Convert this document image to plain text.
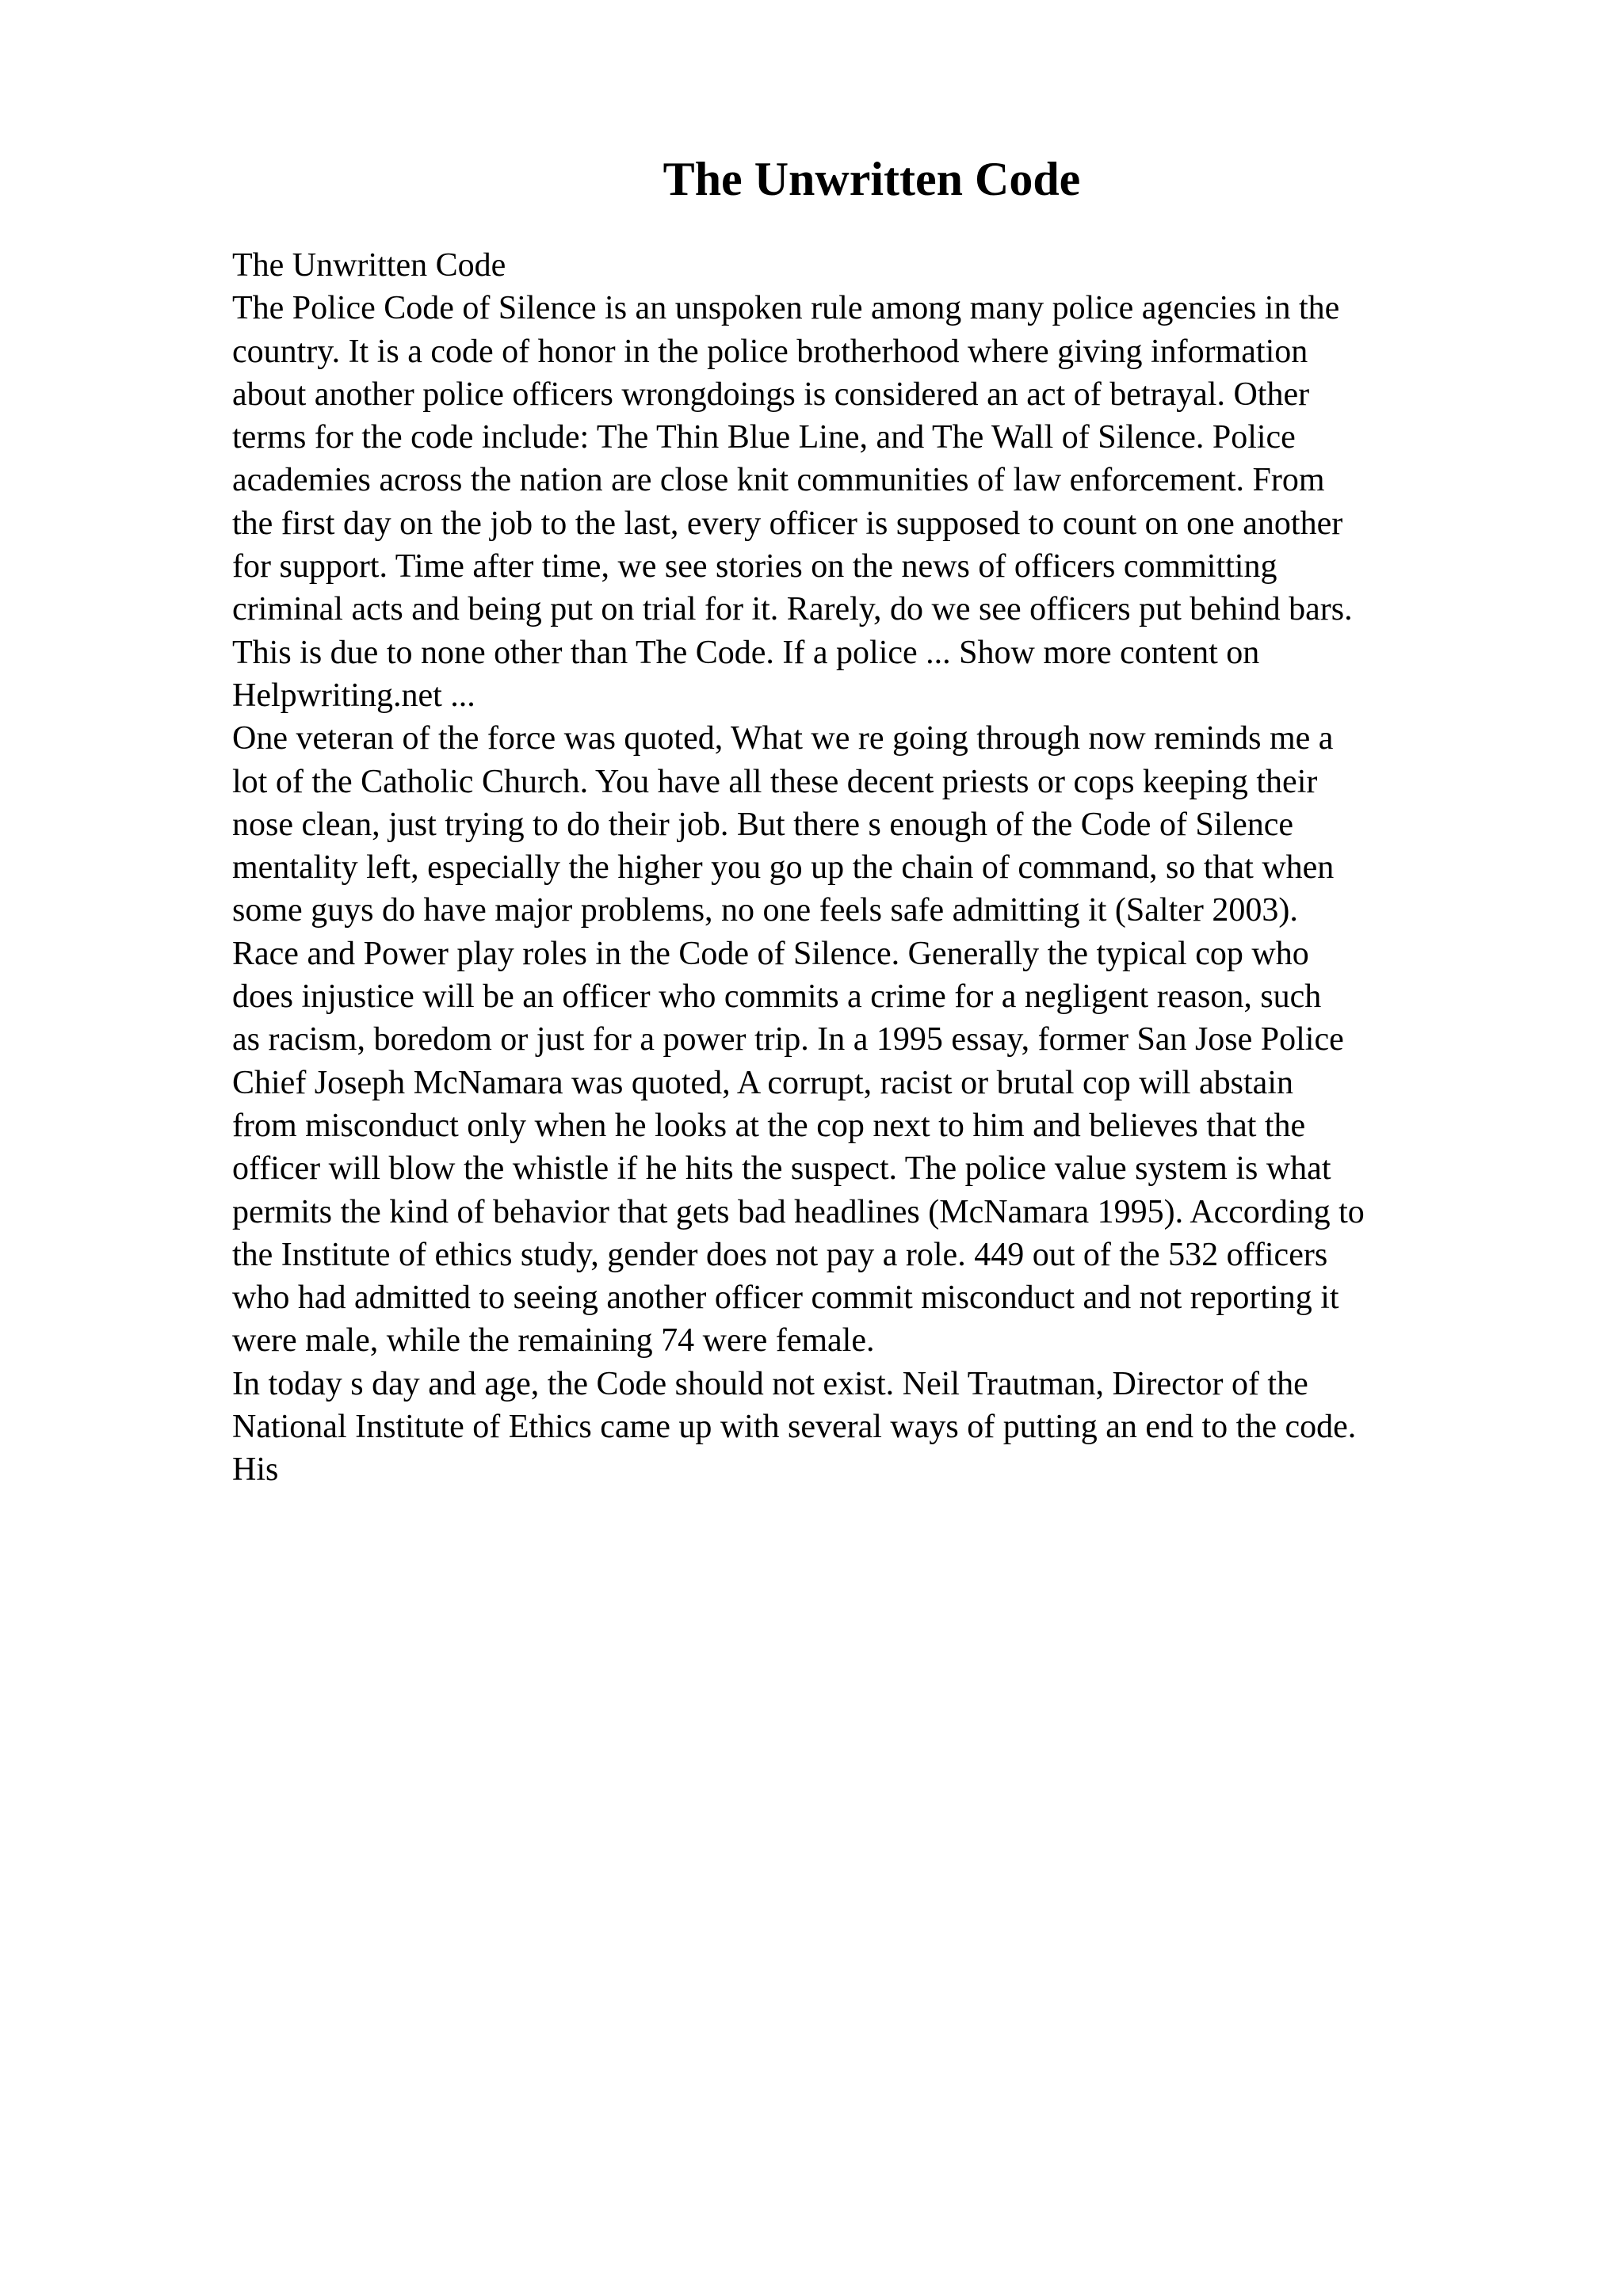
The Unwritten Code
The Unwritten Code
The Police Code of Silence is an unspoken rule among many police agencies in the
country. It is a code of honor in the police brotherhood where giving information
about another police officers wrongdoings is considered an act of betrayal. Other
terms for the code include: The Thin Blue Line, and The Wall of Silence. Police
academies across the nation are close knit communities of law enforcement. From
the first day on the job to the last, every officer is supposed to count on one another
for support. Time after time, we see stories on the news of officers committing
criminal acts and being put on trial for it. Rarely, do we see officers put behind bars.
This is due to none other than The Code. If a police ... Show more content on
Helpwriting.net ...
One veteran of the force was quoted, What we re going through now reminds me a
lot of the Catholic Church. You have all these decent priests or cops keeping their
nose clean, just trying to do their job. But there s enough of the Code of Silence
mentality left, especially the higher you go up the chain of command, so that when
some guys do have major problems, no one feels safe admitting it (Salter 2003).
Race and Power play roles in the Code of Silence. Generally the typical cop who
does injustice will be an officer who commits a crime for a negligent reason, such
as racism, boredom or just for a power trip. In a 1995 essay, former San Jose Police
Chief Joseph McNamara was quoted, A corrupt, racist or brutal cop will abstain
from misconduct only when he looks at the cop next to him and believes that the
officer will blow the whistle if he hits the suspect. The police value system is what
permits the kind of behavior that gets bad headlines (McNamara 1995). According to
the Institute of ethics study, gender does not pay a role. 449 out of the 532 officers
who had admitted to seeing another officer commit misconduct and not reporting it
were male, while the remaining 74 were female.
In today s day and age, the Code should not exist. Neil Trautman, Director of the
National Institute of Ethics came up with several ways of putting an end to the code.
His
